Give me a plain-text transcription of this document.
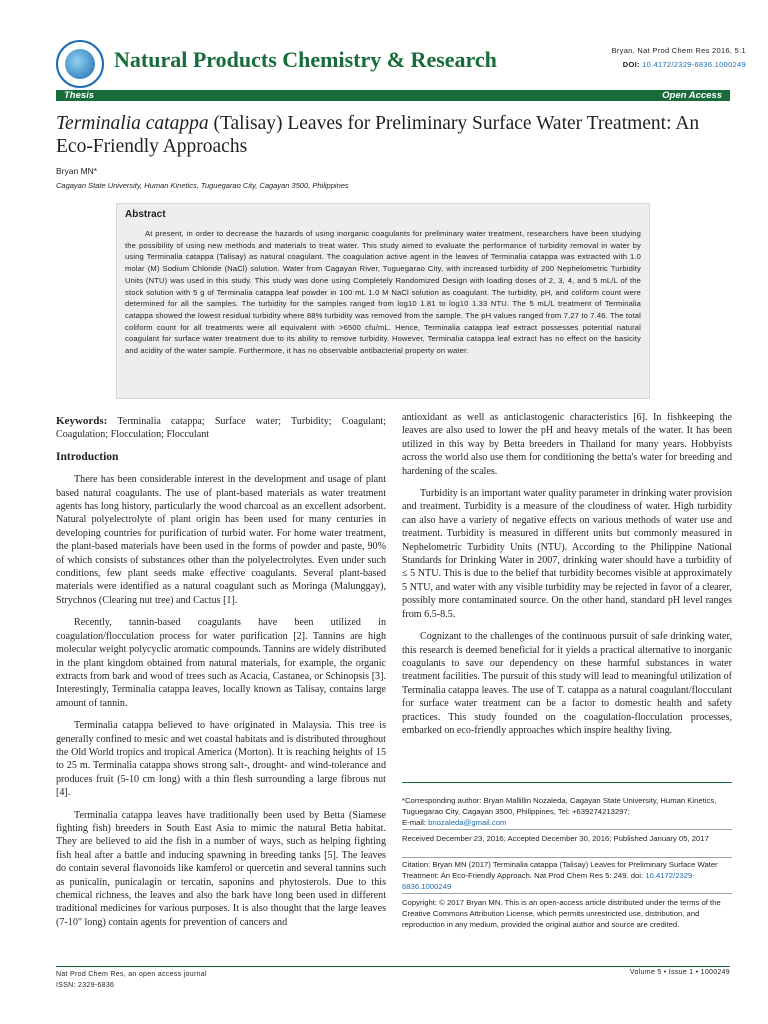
Natural Products Chemistry & Research	Bryan, Nat Prod Chem Res 2016, 5:1
DOI: 10.4172/2329-6836.1000249
Thesis	Open Access
Terminalia catappa (Talisay) Leaves for Preliminary Surface Water Treatment: An Eco-Friendly Approachs
Bryan MN*
Cagayan State University, Human Kinetics, Tuguegarao City, Cagayan 3500, Philippines
Abstract

At present, in order to decrease the hazards of using inorganic coagulants for preliminary water treatment, researchers have been studying the possibility of using new methods and materials to treat water. This study aimed to evaluate the performance of turbidity removal in water by using Terminalia catappa (Talisay) as natural coagulant. The coagulation active agent in the leaves of Terminalia catappa was extracted with 1.0 molar (M) Sodium Chloride (NaCl) solution. Water from Cagayan River, Tuguegarao City, with increased turbidity of 200 Nephelometric Turbidity Units (NTU) was used in this study. This study was done using Completely Randomized Design with loading doses of 2, 3, 4, and 5 mL/L of the stock solution with 5 g of Terminalia catappa leaf powder in 100 mL 1.0 M NaCl solution as coagulant. The turbidity, pH, and coliform count were determined for all the samples. The turbidity for the samples ranged from log10 1.81 to log10 1.33 NTU. The 5 mL/L treatment of Terminalia catappa showed the lowest residual turbidity where 88% turbidity was removed from the sample. The pH values ranged from 7.27 to 7.46. The total coliform count for all treatments were all equivalent with >6500 cfu/mL. Hence, Terminalia catappa leaf extract possesses potential natural coagulant for surface water treatment due to its ability to remove turbidity. However, Terminalia catappa leaf extract has no effect on the basicity and acidity of the water sample. Furthermore, it has no observable antibacterial property on water.

Keywords: Terminalia catappa; Surface water; Turbidity; Coagulant; Coagulation; Flocculation; Flocculant

Introduction

There has been considerable interest in the development and usage of plant based natural coagulants. The use of plant-based materials as water treatment agents has long history, particularly the wood charcoal as an excellent adsorbent. Natural polyelectrolyte of plant origin has been used for many centuries in developing countries for purification of turbid water. For home water treatment, the plant-based materials have been used in the forms of powder and paste, 90% of which consists of substances other than the polyelectrolytes. Even under such conditions, few plant seeds make effective coagulants. Several plant-based materials were identified as a natural coagulant such as Moringa (Malunggay), Strychnos (Clearing nut tree) and Cactus [1].

Recently, tannin-based coagulants have been utilized in coagulation/flocculation process for water purification [2]. Tannins are high molecular weight polycyclic aromatic compounds. Tannins are widely distributed in the plant kingdom obtained from natural materials, for example, the organic extracts from bark and wood of trees such as Acacia, Castanea, or Schinopsis [3]. Interestingly, Terminalia catappa leaves, locally known as Talisay, contains large amount of tannin.

Terminalia catappa believed to have originated in Malaysia. This tree is generally confined to mesic and wet coastal habitats and is distributed throughout the Old World tropics and tropical America (Morton). It is reaching heights of 15 to 25 m. Terminalia catappa shows strong salt-, drought- and wind-tolerance and produces fruit (5-10 cm long) with a thin flesh surrounding a large fibrous nut [4].

Terminalia catappa leaves have traditionally been used by Betta (Siamese fighting fish) breeders in South East Asia to mimic the natural Betta habitat. They are believed to aid the fish in a number of ways, such as helping fighting fish heal after a battle and inducing spawning in breeding tanks [5]. The leaves do contain several flavonoids like kamferol or quercetin and several tannins such as punicalin, punicalagin or tercatin, saponins and phytosterols. Due to this chemical richness, the leaves and also the bark have long been used in different traditional medicines for various purposes. It is also thought that the large leaves (7-10" long) contain agents for prevention of cancers and

antioxidant as well as anticlastogenic characteristics [6]. In fishkeeping the leaves are also used to lower the pH and heavy metals of the water. It has been utilized in this way by Betta breeders in Thailand for many years. Hobbyists across the world also use them for conditioning the betta's water for breeding and hardening of the scales.

Turbidity is an important water quality parameter in drinking water provision and treatment. Turbidity is a measure of the cloudiness of water. High turbidity can also have a variety of negative effects on various methods of water use and treatment. Turbidity is measured in different units but commonly measured in Nephelometric Turbidity Units (NTU). According to the Philippine National Standards for Drinking Water in 2007, drinking water should have a turbidity of ≤ 5 NTU. This is due to the belief that turbidity becomes visible at approximately 5 NTU, and water with any visible turbidity may be rejected in favor of a clearer, possibly more contaminated source. On the other hand, standard pH level ranges from 6.5-8.5.

Cognizant to the challenges of the continuous pursuit of safe drinking water, this research is deemed beneficial for it yields a practical alternative to inorganic coagulants to save our dependency on these harmful substances in water treatment facilities. The pursuit of this study will lead to meaningful utilization of Terminalia catappa leaves. The use of T. catappa as a natural coagulant/flocculant for surface water treatment can be a factor to domestic health and safety practices. This study founded on the coagulation-flocculation processes, embarked on eco-friendly approaches which inspire healthy living.

*Corresponding author: Bryan Mallillin Nozaleda, Cagayan State University, Human Kinetics, Tuguegarao City, Cagayan 3500, Philippines, Tel: +639274213297;
E-mail: bnozaleda@gmail.com
Received December 23, 2016; Accepted December 30, 2016; Published January 05, 2017
Citation: Bryan MN (2017) Terminalia catappa (Talisay) Leaves for Preliminary Surface Water Treatment: An Eco-Friendly Approach. Nat Prod Chem Res 5: 249. doi: 10.4172/2329-6836.1000249
Copyright: © 2017 Bryan MN. This is an open-access article distributed under the terms of the Creative Commons Attribution License, which permits unrestricted use, distribution, and reproduction in any medium, provided the original author and source are credited.
Nat Prod Chem Res, an open access journal
ISSN: 2329-6836
Volume 5 • Issue 1 • 1000249
